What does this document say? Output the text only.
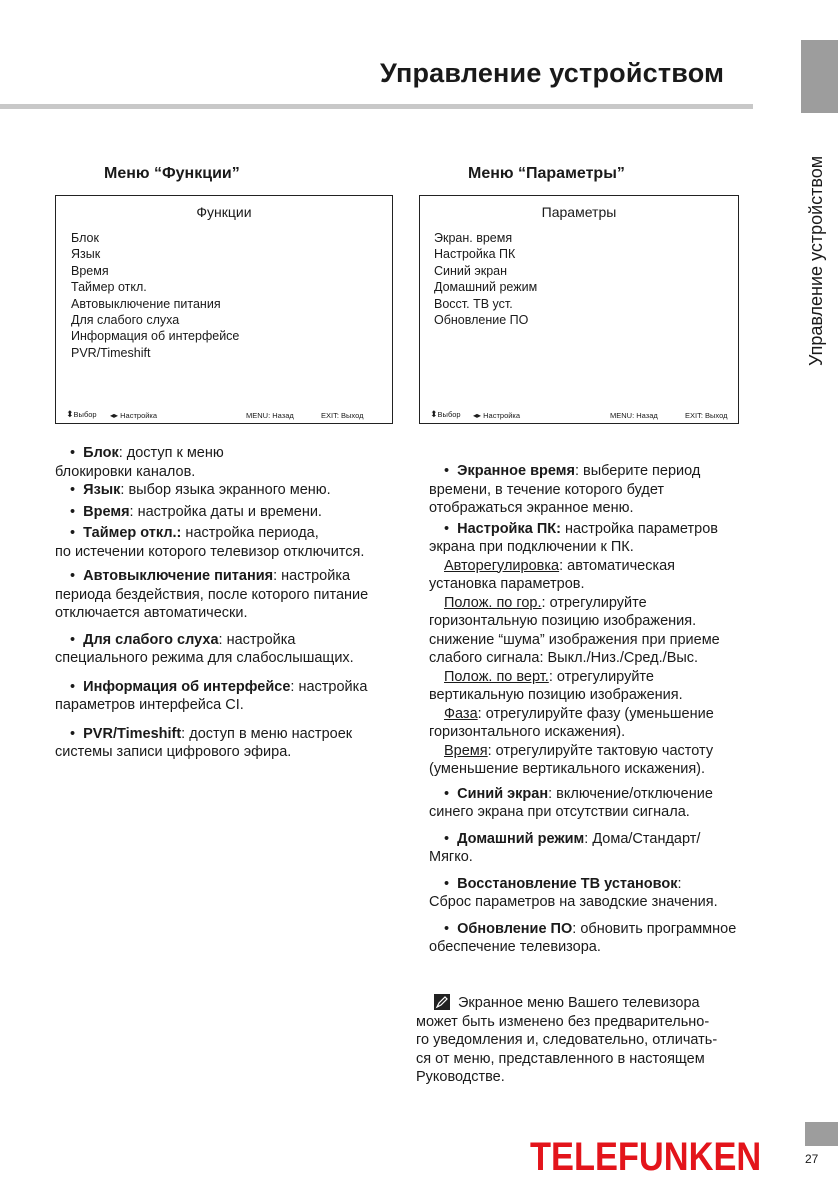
Управление устройством
Управление устройством
Меню “Функции”	Меню “Параметры”
Функции
Блок
Язык
Время
Таймер откл.
Автовыключение питания
Для слабого слуха
Информация об интерфейсе
PVR/Timeshift
⬍Выбор ◂▸ Настройка	MENU: Назад	EXIT: Выход
Параметры
Экран. время
Настройка ПК
Синий экран
Домашний режим
Восст. ТВ уст.
Обновление ПО
⬍Выбор ◂▸ Настройка	MENU: Назад	EXIT: Выход

•  Блок: доступ к меню

блокировки каналов.

•  Язык: выбор языка экранного меню.

•  Время: настройка даты и времени.

•  Таймер откл.: настройка периода,

по истечении которого телевизор отключится.

•  Автовыключение питания: настройка

периода бездействия, после которого питание

отключается автоматически.

•  Для слабого слуха: настройка

специального режима для слабослышащих.

•  Информация об интерфейсе: настройка

параметров интерфейса CI.

•  PVR/Timeshift: доступ в меню настроек

системы записи цифрового эфира.

•  Экранное время: выберите период

времени, в течение которого будет

отображаться экранное меню.

•  Настройка ПК: настройка параметров

экрана при подключении к ПК.

Авторегулировка: автоматическая

установка параметров.

Полож. по гор.: отрегулируйте

горизонтальную позицию изображения.

снижение “шума” изображения при приеме

слабого сигнала: Выкл./Низ./Сред./Выс.

Полож. по верт.: отрегулируйте

вертикальную позицию изображения.

Фаза: отрегулируйте фазу (уменьшение

горизонтального искажения).

Время: отрегулируйте тактовую частоту

(уменьшение вертикального искажения).

•  Синий экран: включение/отключение

синего экрана при отсутствии сигнала.

•  Домашний режим: Дома/Стандарт/

Мягко.

•  Восстановление ТВ установок:

Сброс параметров на заводские значения.

•  Обновление ПО: обновить программное

обеспечение телевизора.

Экранное меню Вашего телевизора

может быть изменено без предварительно-

го уведомления и, следовательно, отличать-

ся от меню, представленного в настоящем

Руководстве.

TELEFUNKEN	27
